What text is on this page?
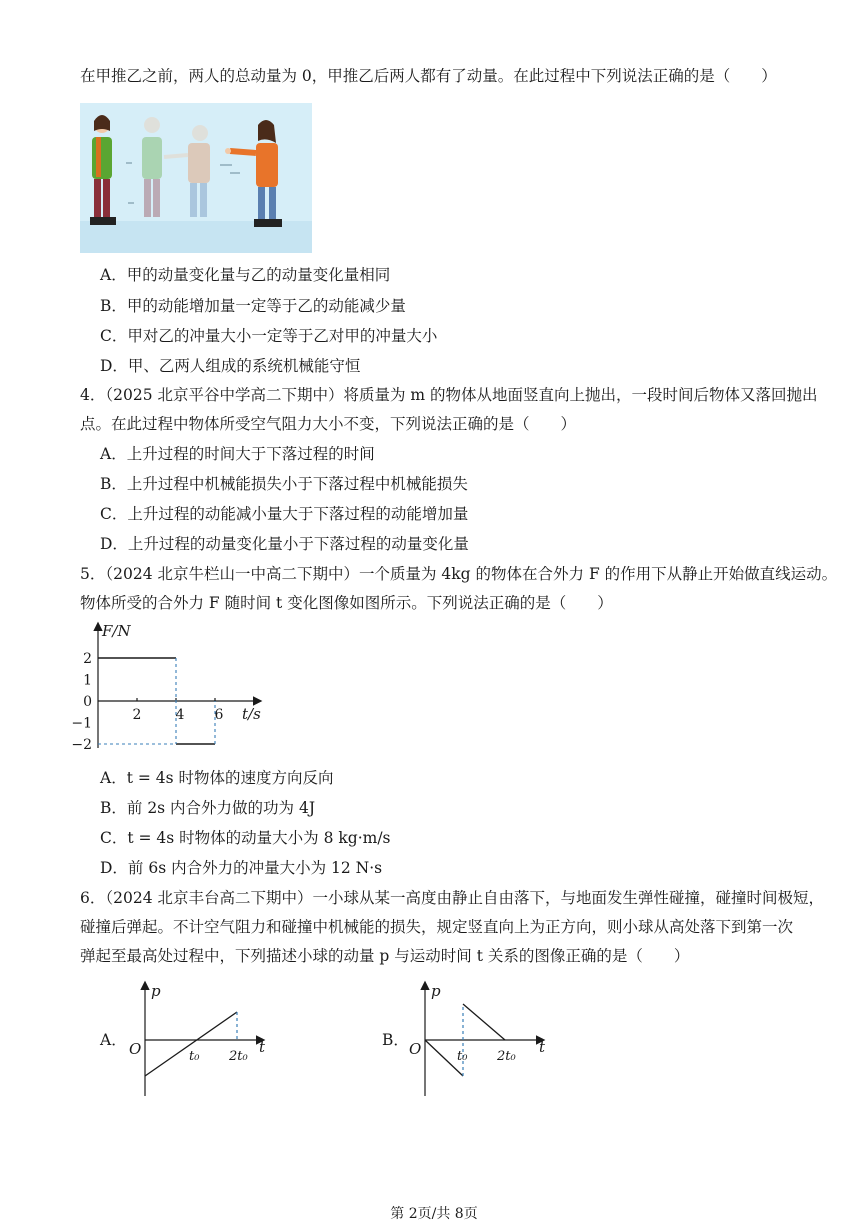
在甲推乙之前，两人的总动量为 0，甲推乙后两人都有了动量。在此过程中下列说法正确的是（　　）
A．甲的动量变化量与乙的动量变化量相同
B．甲的动能增加量一定等于乙的动能减少量
C．甲对乙的冲量大小一定等于乙对甲的冲量大小
D．甲、乙两人组成的系统机械能守恒
4．（2025 北京平谷中学高二下期中）将质量为 m 的物体从地面竖直向上抛出，一段时间后物体又落回抛出
点。在此过程中物体所受空气阻力大小不变，下列说法正确的是（　　）
A．上升过程的时间大于下落过程的时间
B．上升过程中机械能损失小于下落过程中机械能损失
C．上升过程的动能减小量大于下落过程的动能增加量
D．上升过程的动量变化量小于下落过程的动量变化量
5．（2024 北京牛栏山一中高二下期中）一个质量为 4kg 的物体在合外力 F 的作用下从静止开始做直线运动。
物体所受的合外力 F 随时间 t 变化图像如图所示。下列说法正确的是（　　）
F/N
t/s
2
1
0
−1
−2
2 4 6
A．t = 4s 时物体的速度方向反向
B．前 2s 内合外力做的功为 4J
C．t = 4s 时物体的动量大小为 8 kg·m/s
D．前 6s 内合外力的冲量大小为 12 N·s
6．（2024 北京丰台高二下期中）一小球从某一高度由静止自由落下，与地面发生弹性碰撞，碰撞时间极短，
碰撞后弹起。不计空气阻力和碰撞中机械能的损失，规定竖直向上为正方向，则小球从高处落下到第一次
弹起至最高处过程中，下列描述小球的动量 p 与运动时间 t 关系的图像正确的是（　　）
A．
p
t
O	t₀ 2t₀
B．
p
t
O	t₀ 2t₀
第 2页/共 8页
